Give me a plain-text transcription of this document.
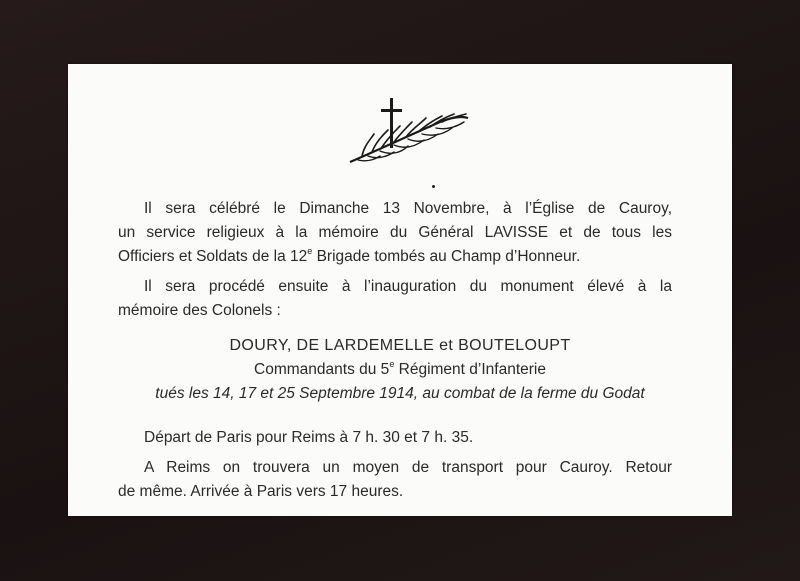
Il sera célébré le Dimanche 13 Novembre, à l’Église de Cauroy,
un service religieux à la mémoire du Général LAVISSE et de tous les
Officiers et Soldats de la 12e Brigade tombés au Champ d’Honneur.
Il sera procédé ensuite à l’inauguration du monument élevé à la
mémoire des Colonels :
DOURY, DE LARDEMELLE et BOUTELOUPT
Commandants du 5e Régiment d’Infanterie
tués les 14, 17 et 25 Septembre 1914, au combat de la ferme du Godat
Départ de Paris pour Reims à 7 h. 30 et 7 h. 35.
A Reims on trouvera un moyen de transport pour Cauroy. Retour
de même. Arrivée à Paris vers 17 heures.
